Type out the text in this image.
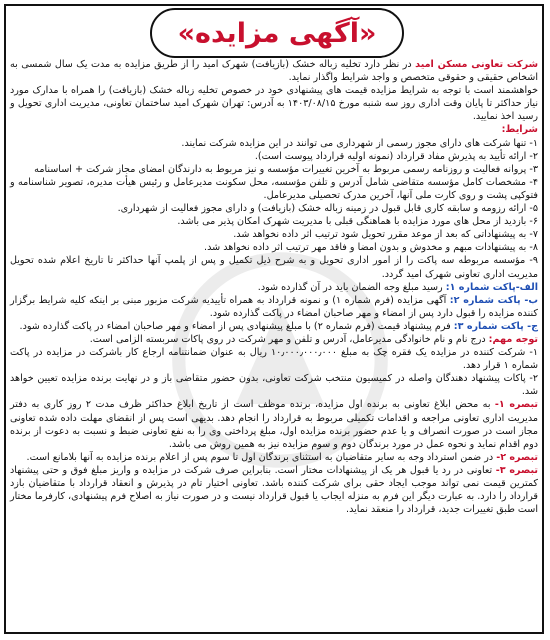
«آگهی مزایده»

شرکت تعاونی مسکن امید در نظر دارد تخلیه زباله خشک (بازیافت) شهرک امید را از طریق مزایده به مدت یک سال شمسی به اشخاص حقیقی و حقوقی متخصص و واجد شرایط واگذار نماید.

خواهشمند است با توجه به شرایط مزایده قیمت های پیشنهادی خود در خصوص تخلیه زباله خشک (بازیافت) را همراه با مدارک مورد نیاز حداکثر تا پایان وقت اداری روز سه شنبه مورخ ۱۴۰۳/۰۸/۱۵ به آدرس: تهران شهرک امید ساختمان تعاونی، مدیریت اداری تحویل و رسید اخذ نمایید.

شرایط:

۱- تنها شرکت های دارای مجوز رسمی از شهرداری می توانند در این مزایده شرکت نمایند.

۲- ارائه تأیید به پذیرش مفاد قرارداد (نمونه اولیه قرارداد پیوست است).

۳- پروانه فعالیت و روزنامه رسمی مربوط به آخرین تغییرات مؤسسه و نیز مربوط به دارندگان امضای مجاز شرکت + اساسنامه

۴- مشخصات کامل مؤسسه متقاضی شامل آدرس و تلفن مؤسسه، محل سکونت مدیرعامل و رئیس هیأت مدیره، تصویر شناسنامه و فتوکپی پشت و روی کارت ملی آنها، آخرین مدرک تحصیلی مدیرعامل.

۵- ارائه رزومه و سابقه کاری قابل قبول در زمینه زباله خشک (بازیافت) و دارای مجوز فعالیت از شهرداری.

۶- بازدید از محل های مورد مزایده با هماهنگی قبلی با مدیریت شهرک امکان پذیر می باشد.

۷- به پیشنهاداتی که بعد از موعد مقرر تحویل شود ترتیب اثر داده نخواهد شد.

۸- به پیشنهادات مبهم و مخدوش و بدون امضا و فاقد مهر ترتیب اثر داده نخواهد شد.

۹- مؤسسه مربوطه سه پاکت را از امور اداری تحویل و به شرح ذیل تکمیل و پس از پلمپ آنها حداکثر تا تاریخ اعلام شده تحویل مدیریت اداری تعاونی شهرک امید گردد.

الف-پاکت شماره ۱: رسید مبلغ وجه الضمان باید در آن گذارده شود.

ب- پاکت شماره ۲: آگهی مزایده (فرم شماره ۱) و نمونه قرارداد به همراه تأییدیه شرکت مزبور مبنی بر اینکه کلیه شرایط برگزار کننده مزایده را قبول دارد پس از امضاء و مهر صاحبان امضاء در پاکت گذارده شود.

ج- پاکت شماره ۳: فرم پیشنهاد قیمت (فرم شماره ۲) با مبلغ پیشنهادی پس از امضاء و مهر صاحبان امضاء در پاکت گذارده شود.

توجه مهم: درج نام و نام خانوادگی مدیرعامل، آدرس و تلفن و مهر شرکت در روی پاکات سربسته الزامی است.

۱- شرکت کننده در مزایده یک فقره چک به مبلغ ۱۰٫۰۰۰٫۰۰۰٫۰۰۰ ریال به عنوان ضمانتنامه ارجاع کار باشرکت در مزایده در پاکت شماره ۱ قرار دهد.

۲- پاکات پیشنهاد دهندگان واصله در کمیسیون منتخب شرکت تعاونی، بدون حضور متقاضی باز و در نهایت برنده مزایده تعیین خواهد شد.

تبصره ۱- به محض ابلاغ تعاونی به برنده اول مزایده، برنده موظف است از تاریخ ابلاغ حداکثر ظرف مدت ۲ روز کاری به دفتر مدیریت اداری تعاونی مراجعه و اقدامات تکمیلی مربوط به قرارداد را انجام دهد. بدیهی است پس از انقضای مهلت داده شده تعاونی مجاز است در صورت انصراف و یا عدم حضور برنده مزایده اول، مبلغ پرداختی وی را به نفع تعاونی ضبط و نسبت به دعوت از برنده دوم اقدام نماید و نحوه عمل در مورد برندگان دوم و سوم مزایده نیز به همین روش می باشد.

تبصره ۲- در ضمن استرداد وجه به سایر متقاضیان به استثنای برندگان اول تا سوم پس از اعلام برنده مزایده به آنها بلامانع است.

تبصره ۳- تعاونی در رد یا قبول هر یک از پیشنهادات مختار است. بنابراین صرف شرکت در مزایده و واریز مبلغ فوق و حتی پیشنهاد کمترین قیمت نمی تواند موجب ایجاد حقی برای شرکت کننده باشد. تعاونی اختیار تام در پذیرش و انعقاد قرارداد با متقاضیان بازد قرارداد را دارد. به عبارت دیگر این فرم به منزله ایجاب یا قبول قرارداد نیست و در صورت نیاز به اصلاح فرم پیشنهادی، کارفرما مختار است طبق تغییرات جدید، قرارداد را منعقد نماید.
